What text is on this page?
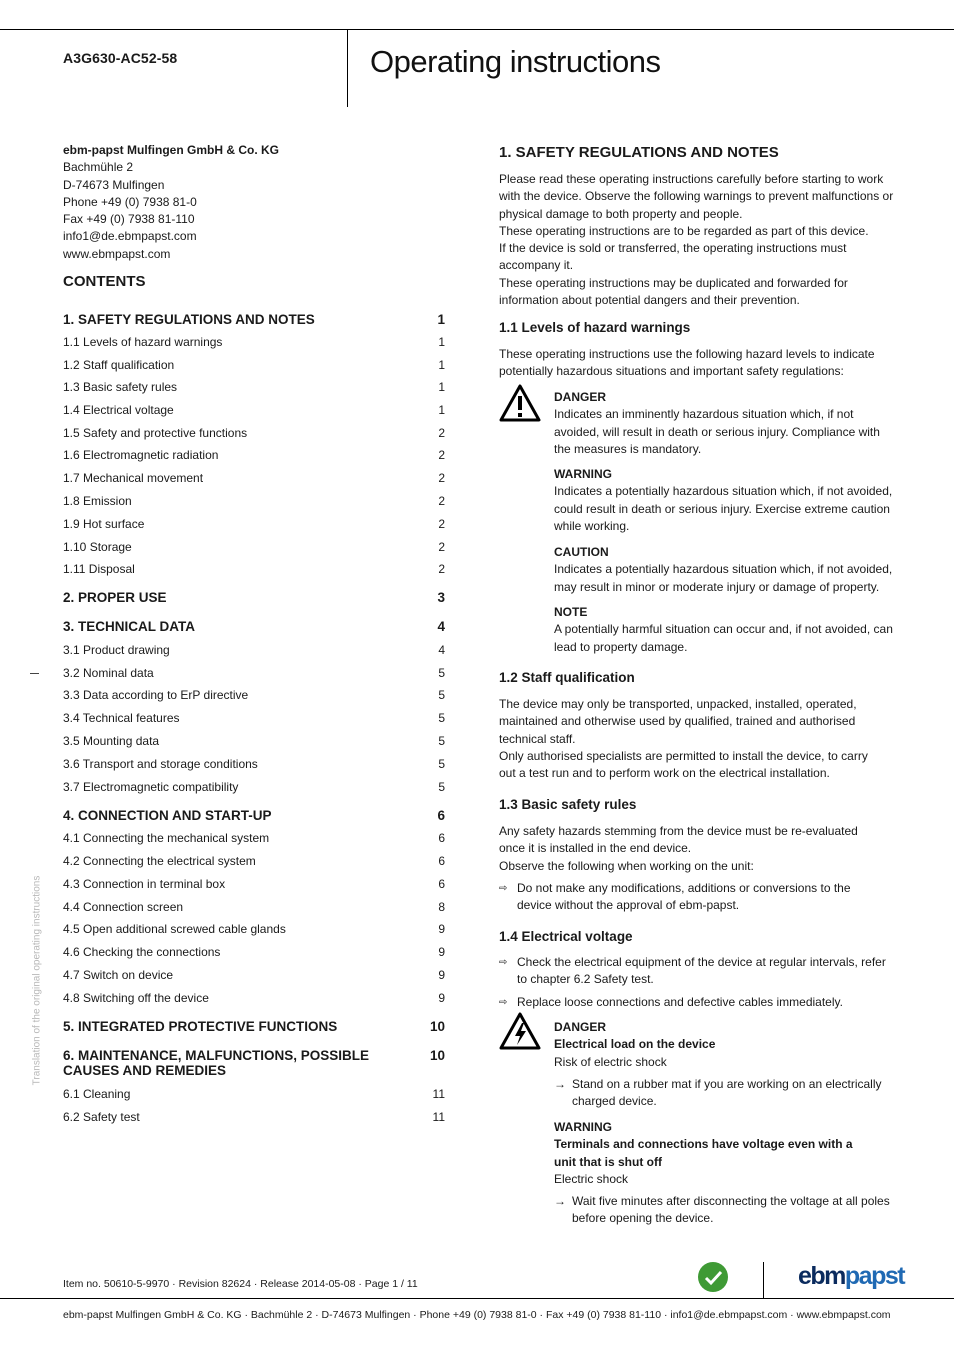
A3G630-AC52-58	Operating instructions
ebm-papst Mulfingen GmbH & Co. KG
Bachmühle 2
D-74673 Mulfingen
Phone +49 (0) 7938 81-0
Fax +49 (0) 7938 81-110
info1@de.ebmpapst.com
www.ebmpapst.com
CONTENTS
1. SAFETY REGULATIONS AND NOTES	1
1.1 Levels of hazard warnings	1
1.2 Staff qualification	1
1.3 Basic safety rules	1
1.4 Electrical voltage	1
1.5 Safety and protective functions	2
1.6 Electromagnetic radiation	2
1.7 Mechanical movement	2
1.8 Emission	2
1.9 Hot surface	2
1.10 Storage	2
1.11 Disposal	2
2. PROPER USE	3
3. TECHNICAL DATA	4
3.1 Product drawing	4
3.2 Nominal data	5
3.3 Data according to ErP directive	5
3.4 Technical features	5
3.5 Mounting data	5
3.6 Transport and storage conditions	5
3.7 Electromagnetic compatibility	5
4. CONNECTION AND START-UP	6
4.1 Connecting the mechanical system	6
4.2 Connecting the electrical system	6
4.3 Connection in terminal box	6
4.4 Connection screen	8
4.5 Open additional screwed cable glands	9
4.6 Checking the connections	9
4.7 Switch on device	9
4.8 Switching off the device	9
5. INTEGRATED PROTECTIVE FUNCTIONS	10
6. MAINTENANCE, MALFUNCTIONS, POSSIBLE CAUSES AND REMEDIES
10
6.1 Cleaning	11
6.2 Safety test	11
Translation of the original operating instructions
1. SAFETY REGULATIONS AND NOTES
Please read these operating instructions carefully before starting to work with the device. Observe the following warnings to prevent malfunctions or physical damage to both property and people.
These operating instructions are to be regarded as part of this device.
If the device is sold or transferred, the operating instructions must accompany it.
These operating instructions may be duplicated and forwarded for information about potential dangers and their prevention.
1.1 Levels of hazard warnings
These operating instructions use the following hazard levels to indicate potentially hazardous situations and important safety regulations:
DANGER
Indicates an imminently hazardous situation which, if not avoided, will result in death or serious injury. Compliance with the measures is mandatory.
WARNING
Indicates a potentially hazardous situation which, if not avoided, could result in death or serious injury. Exercise extreme caution while working.
CAUTION
Indicates a potentially hazardous situation which, if not avoided, may result in minor or moderate injury or damage of property.
NOTE
A potentially harmful situation can occur and, if not avoided, can lead to property damage.
1.2 Staff qualification
The device may only be transported, unpacked, installed, operated, maintained and otherwise used by qualified, trained and authorised technical staff.
Only authorised specialists are permitted to install the device, to carry out a test run and to perform work on the electrical installation.
1.3 Basic safety rules
Any safety hazards stemming from the device must be re-evaluated once it is installed in the end device.
Observe the following when working on the unit:
⇨ Do not make any modifications, additions or conversions to the device without the approval of ebm-papst.
1.4 Electrical voltage
⇨ Check the electrical equipment of the device at regular intervals, refer to chapter 6.2 Safety test.
⇨ Replace loose connections and defective cables immediately.
DANGER
Electrical load on the device
Risk of electric shock
→ Stand on a rubber mat if you are working on an electrically charged device.
WARNING
Terminals and connections have voltage even with a unit that is shut off
Electric shock
→ Wait five minutes after disconnecting the voltage at all poles before opening the device.
Item no. 50610-5-9970 · Revision 82624 · Release 2014-05-08 · Page 1 / 11	ebmpapst
ebm-papst Mulfingen GmbH & Co. KG · Bachmühle 2 · D-74673 Mulfingen · Phone +49 (0) 7938 81-0 · Fax +49 (0) 7938 81-110 · info1@de.ebmpapst.com · www.ebmpapst.com
